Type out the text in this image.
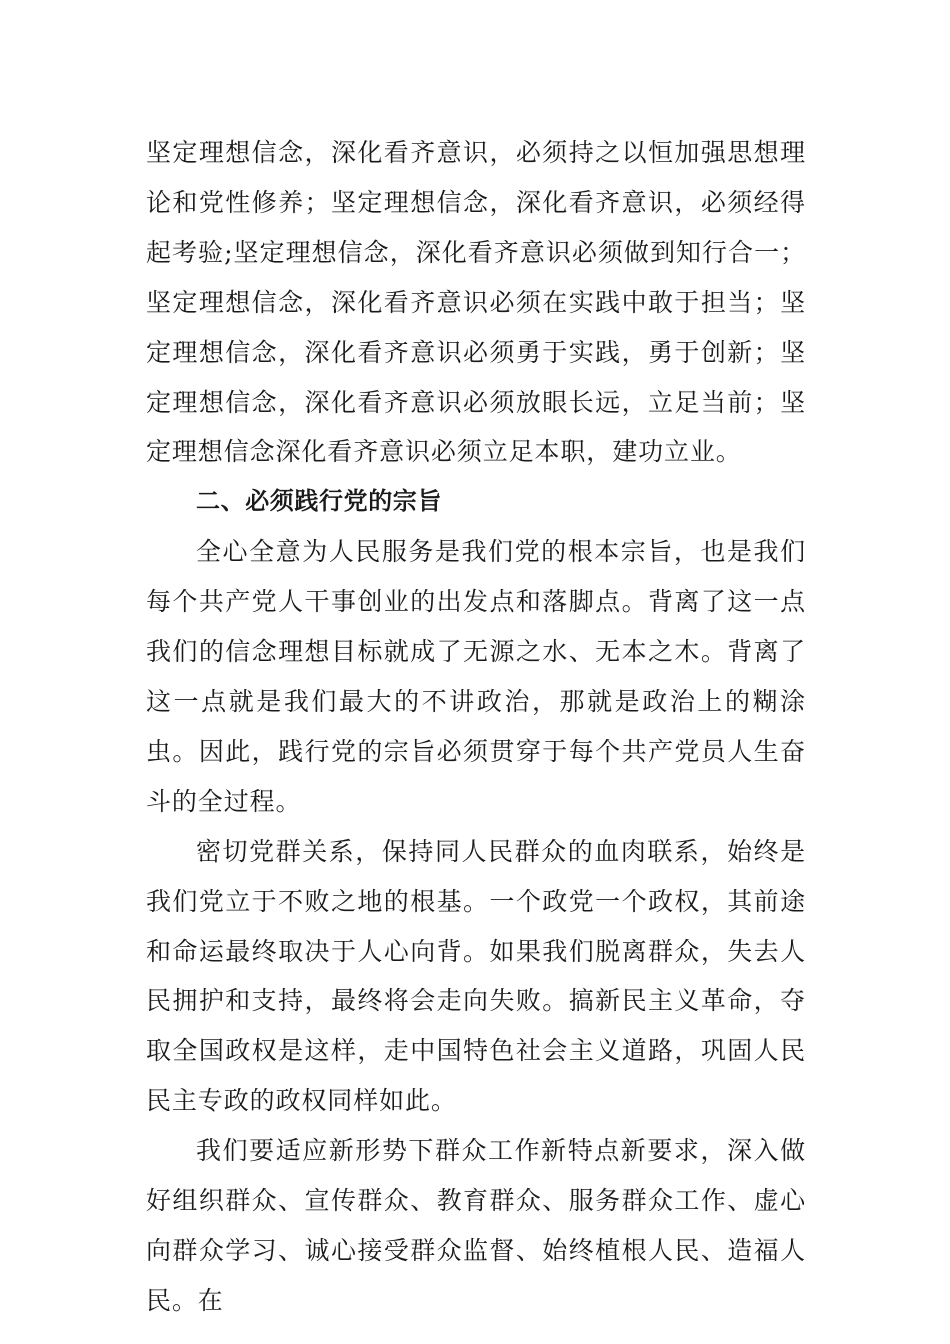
坚定理想信念，深化看齐意识，必须持之以恒加强思想理论和党性修养；坚定理想信念，深化看齐意识，必须经得起考验;坚定理想信念，深化看齐意识必须做到知行合一；坚定理想信念，深化看齐意识必须在实践中敢于担当；坚定理想信念，深化看齐意识必须勇于实践，勇于创新；坚定理想信念，深化看齐意识必须放眼长远，立足当前；坚定理想信念深化看齐意识必须立足本职，建功立业。

二、必须践行党的宗旨

全心全意为人民服务是我们党的根本宗旨，也是我们每个共产党人干事创业的出发点和落脚点。背离了这一点我们的信念理想目标就成了无源之水、无本之木。背离了这一点就是我们最大的不讲政治，那就是政治上的糊涂虫。因此，践行党的宗旨必须贯穿于每个共产党员人生奋斗的全过程。

密切党群关系，保持同人民群众的血肉联系，始终是我们党立于不败之地的根基。一个政党一个政权，其前途和命运最终取决于人心向背。如果我们脱离群众，失去人民拥护和支持，最终将会走向失败。搞新民主义革命，夺取全国政权是这样，走中国特色社会主义道路，巩固人民民主专政的政权同样如此。

我们要适应新形势下群众工作新特点新要求，深入做好组织群众、宣传群众、教育群众、服务群众工作、虚心向群众学习、诚心接受群众监督、始终植根人民、造福人民。在
